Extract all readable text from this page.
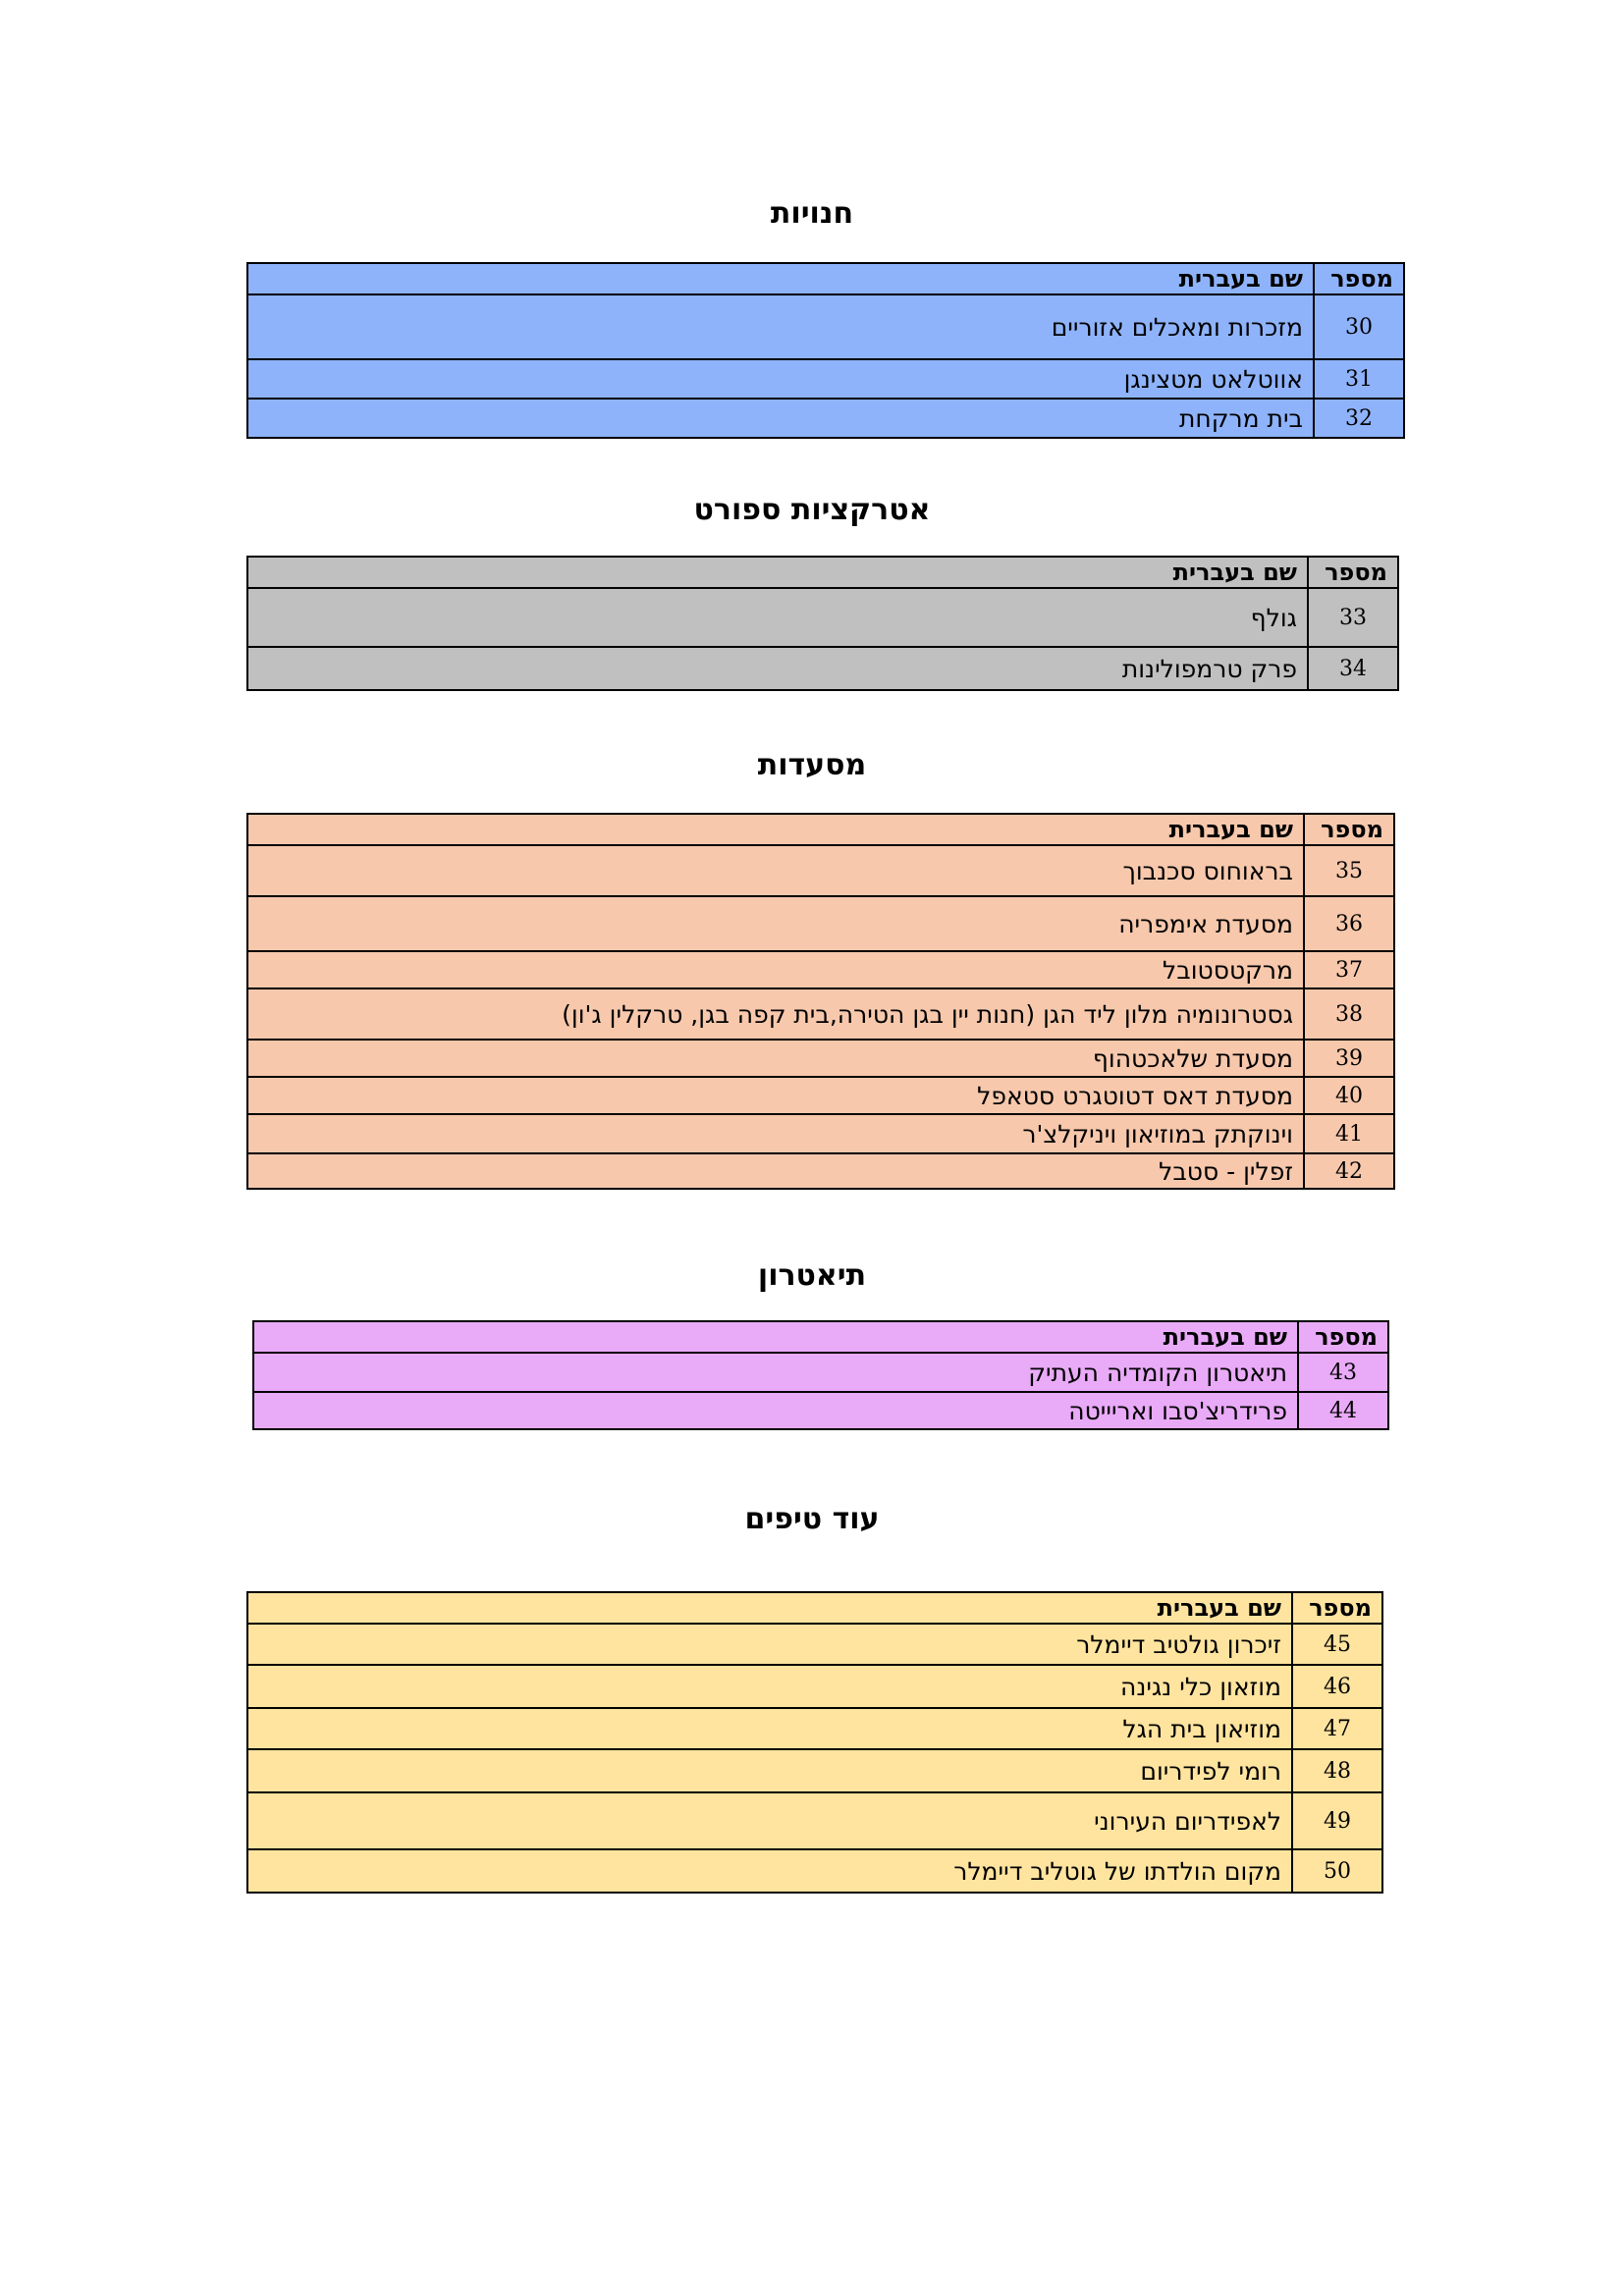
חנויות
מספר	שם בעברית
30	מזכרות ומאכלים אזוריים
31	אווטלאט מטצינגן
32	בית מרקחת
אטרקציות ספורט
מספר	שם בעברית
33	גולף
34	פרק טרמפולינות
מסעדות
מספר	שם בעברית
35	בראוחוס סכנבוך
36	מסעדת אימפריה
37	מרקטסטובל
38	גסטרונומיה מלון ליד הגן (חנות יין בגן הטירה,בית קפה בגן, טרקלין ג'ון)
39	מסעדת שלאכטהוף
40	מסעדת דאס דטוטגרט סטאפל
41	וינוקתק במוזיאון ויניקלצ'ר
42	זפלין - סטבל
תיאטרון
מספר	שם בעברית
43	תיאטרון הקומדיה העתיק
44	פרידריצ'סבו ואריייטה
עוד טיפים
מספר	שם בעברית
45	זיכרון גולטיב דיימלר
46	מוזאון כלי נגינה
47	מוזיאון בית הגל
48	רומי לפידריום
49	לאפידריום העירוני
50	מקום הולדתו של גוטליב דיימלר
